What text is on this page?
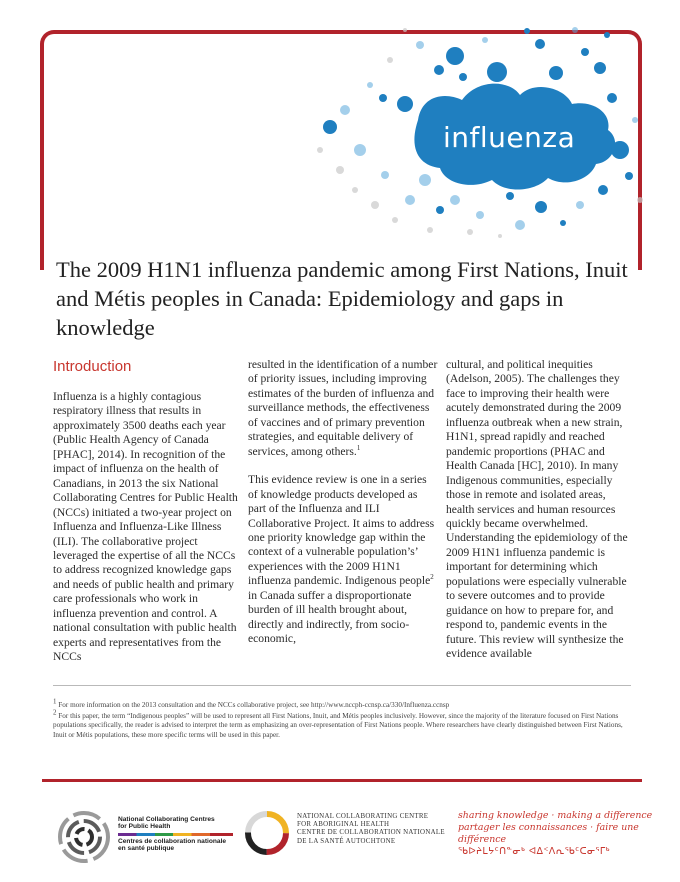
influenza
The 2009 H1N1 influenza pandemic among First Nations, Inuit and Métis peoples in Canada: Epidemiology and gaps in knowledge
Introduction

Influenza is a highly contagious respiratory illness that results in approximately 3500 deaths each year (Public Health Agency of Canada [PHAC], 2014). In recognition of the impact of influenza on the health of Canadians, in 2013 the six National Collaborating Centres for Public Health (NCCs) initiated a two-year project on Influenza and Influenza-Like Illness (ILI). The collaborative project leveraged the expertise of all the NCCs to address recognized knowledge gaps and needs of public health and primary care professionals who work in influenza prevention and control. A national consultation with public health experts and representatives from the NCCs

resulted in the identification of a number of priority issues, including improving estimates of the burden of influenza and surveillance methods, the effectiveness of vaccines and of primary prevention strategies, and equitable delivery of services, among others.$^1$

This evidence review is one in a series of knowledge products developed as part of the Influenza and ILI Collaborative Project. It aims to address one priority knowledge gap within the context of a vulnerable population’s’ experiences with the 2009 H1N1 influenza pandemic. Indigenous people$^2$ in Canada suffer a disproportionate burden of ill health brought about, directly and indirectly, from socio-economic,

cultural, and political inequities (Adelson, 2005). The challenges they face to improving their health were acutely demonstrated during the 2009 influenza outbreak when a new strain, H1N1, spread rapidly and reached pandemic proportions (PHAC and Health Canada [HC], 2010). In many Indigenous communities, especially those in remote and isolated areas, health services and human resources quickly became overwhelmed. Understanding the epidemiology of the 2009 H1N1 influenza pandemic is important for determining which populations were especially vulnerable to severe outcomes and to provide guidance on how to prepare for, and respond to, pandemic events in the future. This review will synthesize the evidence available

$^1$ For more information on the 2013 consultation and the NCCs collaborative project, see http://www.nccph-ccnsp.ca/330/Influenza.ccnsp

$^2$ For this paper, the term “Indigenous peoples” will be used to represent all First Nations, Inuit, and Métis peoples inclusively. However, since the majority of the literature focused on First Nations populations specifically, the reader is advised to interpret the term as emphasizing an over-representation of First Nations people. Where researchers have clearly distinguished between First Nations, Inuit or Métis populations, these more specific terms will be used in this paper.

National Collaborating Centres
for Public Health
Centres de collaboration nationale
en santé publique
NATIONAL COLLABORATING CENTRE
FOR ABORIGINAL HEALTH
CENTRE DE COLLABORATION NATIONALE
DE LA SANTÉ AUTOCHTONE
sharing knowledge · making a difference
partager les connaissances · faire une différence
ᖃᐅᔨᒪᔭᑦᑎᓐᓂᒃ ᐊᐃᑉᐱᕆᖃᑦᑕᓂᕐᒥᒃ
